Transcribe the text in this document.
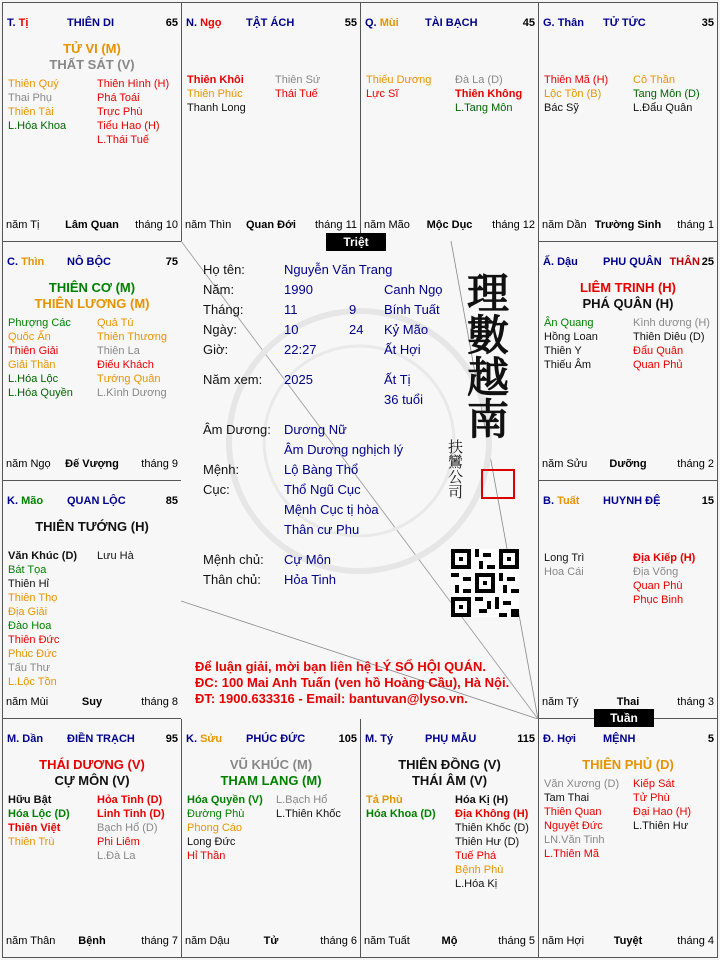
T. Tị	THIÊN DI	65
TỬ VI (M)
THẤT SÁT (V)
Thiên Quý
Thai Phụ
Thiên Tài
L.Hóa Khoa
Thiên Hình (H)
Phá Toái
Trực Phù
Tiểu Hao (H)
L.Thái Tuế
năm Tị	Lâm Quan	tháng 10
N. Ngọ TẬT ÁCH	55
Thiên Khôi
Thiên Phúc
Thanh Long
Thiên Sứ
Thái Tuế
năm Thìn	Quan Đới	tháng 11
Q. Mùi TÀI BẠCH	45
Thiếu Dương
Lực Sĩ
Đà La (D)
Thiên Không
L.Tang Môn
năm Mão	Mộc Dục	tháng 12
G. Thân TỬ TỨC	35
Thiên Mã (H)
Lộc Tồn (B)
Bác Sỹ
Cô Thần
Tang Môn (D)
L.Đẩu Quân
năm Dần Trường Sinh	tháng 1
C. Thìn NÔ BỘC	75
THIÊN CƠ (M)
THIÊN LƯƠNG (M)
Phượng Các
Quốc Ấn
Thiên Giải
Giải Thần
L.Hóa Lộc
L.Hóa Quyền
Quả Tú
Thiên Thương
Thiên La
Điếu Khách
Tướng Quân
L.Kình Dương
năm Ngọ	Đế Vượng	tháng 9
Ấ. Dậu PHU QUÂN THÂN 25
LIÊM TRINH (H)
PHÁ QUÂN (H)
Ân Quang
Hồng Loan
Thiên Y
Thiếu Âm
Kình dương (H)
Thiên Diêu (D)
Đẩu Quân
Quan Phủ
năm Sửu	Dưỡng	tháng 2
K. Mão QUAN LỘC	85
THIÊN TƯỚNG (H)
Văn Khúc (D)
Bát Tọa
Thiên Hỉ
Thiên Thọ
Địa Giải
Đào Hoa
Thiên Đức
Phúc Đức
Tấu Thư
L.Lộc Tồn
Lưu Hà
năm Mùi	Suy	tháng 8
B. Tuất HUYNH ĐỆ	15
Long Trì
Hoa Cái
Địa Kiếp (H)
Địa Võng
Quan Phù
Phục Binh
năm Tý	Thai	tháng 3
M. Dần ĐIỀN TRẠCH	95
THÁI DƯƠNG (V)
CỰ MÔN (V)
Hữu Bật
Hóa Lộc (D)
Thiên Việt
Thiên Trù
Hỏa Tinh (D)
Linh Tinh (D)
Bạch Hổ (D)
Phi Liêm
L.Đà La
năm Thân	Bệnh	tháng 7
K. Sửu PHÚC ĐỨC	105
VŨ KHÚC (M)
THAM LANG (M)
Hóa Quyền (V)
Đường Phù
Phong Cáo
Long Đức
Hỉ Thần
L.Bạch Hổ
L.Thiên Khốc
năm Dậu	Tử	tháng 6
M. Tý	PHỤ MẪU	115
THIÊN ĐỒNG (V)
THÁI ÂM (V)
Tả Phù
Hóa Khoa (D)
Hóa Kị (H)
Địa Không (H)
Thiên Khốc (D)
Thiên Hư (D)
Tuế Phá
Bệnh Phù
L.Hóa Kị
năm Tuất	Mộ	tháng 5
Đ. Hợi MỆNH	5
THIÊN PHỦ (D)
Văn Xương (D)
Tam Thai
Thiên Quan
Nguyệt Đức
LN.Văn Tinh
L.Thiên Mã
Kiếp Sát
Tử Phù
Đại Hao (H)
L.Thiên Hư
năm Hợi	Tuyệt	tháng 4
Họ tên:	Nguyễn Văn Trang
Năm:	1990	Canh Ngọ
Tháng:	11	9 Bính Tuất
Ngày:	10	24 Kỷ Mão
Giờ:	22:27	Ất Hợi
Năm xem: 2025	Ất Tị
36 tuổi
Âm Dương: Dương Nữ
Âm Dương nghịch lý
Mệnh:	Lộ Bàng Thổ
Cục:	Thổ Ngũ Cục
Mệnh Cục tị hòa
Thân cư Phu
Mệnh chủ: Cự Môn
Thân chủ: Hỏa Tinh
理數越南
扶鸞公司
Để luận giải, mời bạn liên hệ LÝ SỐ HỘI QUÁN.
ĐC: 100 Mai Anh Tuấn (ven hồ Hoàng Cầu), Hà Nội.
ĐT: 1900.633316 - Email: bantuvan@lyso.vn.
Triệt
Tuần
